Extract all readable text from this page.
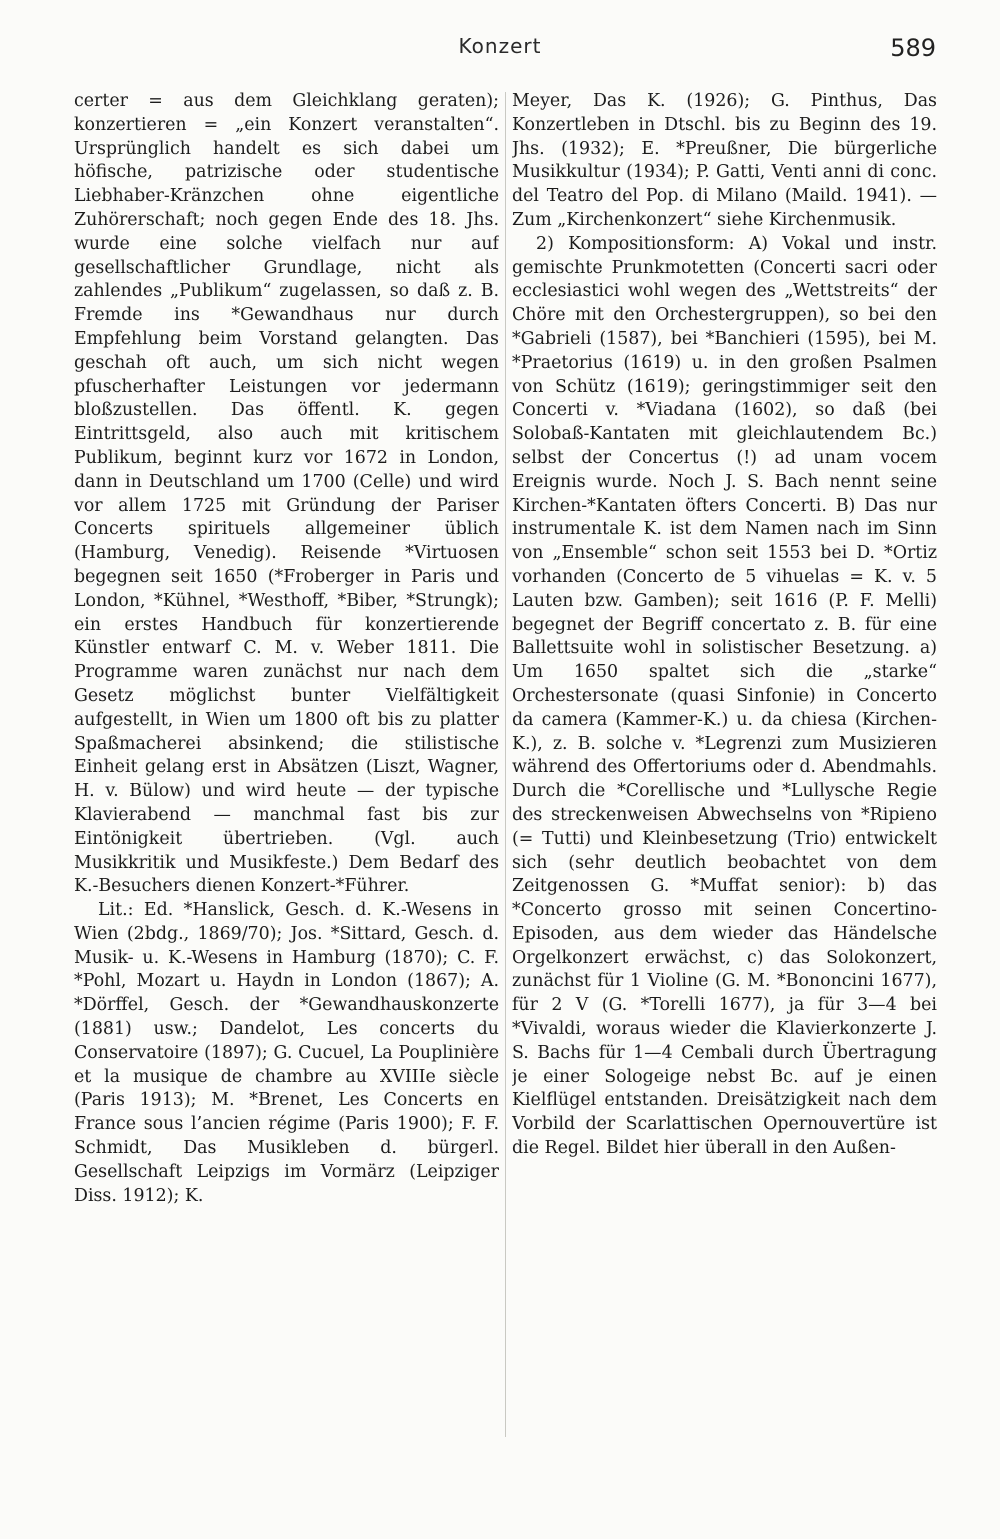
Konzert	589

certer = aus dem Gleichklang geraten); konzertieren = „ein Konzert veranstalten“. Ursprünglich handelt es sich dabei um höfische, patrizische oder studentische Liebhaber-Kränzchen ohne eigentliche Zuhörerschaft; noch gegen Ende des 18. Jhs. wurde eine solche vielfach nur auf gesellschaftlicher Grundlage, nicht als zahlendes „Publikum“ zugelassen, so daß z. B. Fremde ins *Gewandhaus nur durch Empfehlung beim Vorstand gelangten. Das geschah oft auch, um sich nicht wegen pfuscherhafter Leistungen vor jedermann bloßzustellen. Das öffentl. K. gegen Eintrittsgeld, also auch mit kritischem Publikum, beginnt kurz vor 1672 in London, dann in Deutschland um 1700 (Celle) und wird vor allem 1725 mit Gründung der Pariser Concerts spirituels allgemeiner üblich (Hamburg, Venedig). Reisende *Virtuosen begegnen seit 1650 (*Froberger in Paris und London, *Kühnel, *Westhoff, *Biber, *Strungk); ein erstes Handbuch für konzertierende Künstler entwarf C. M. v. Weber 1811. Die Programme waren zunächst nur nach dem Gesetz möglichst bunter Vielfältigkeit aufgestellt, in Wien um 1800 oft bis zu platter Spaßmacherei absinkend; die stilistische Einheit gelang erst in Absätzen (Liszt, Wagner, H. v. Bülow) und wird heute — der typische Klavierabend — manchmal fast bis zur Eintönigkeit übertrieben. (Vgl. auch Musikkritik und Musikfeste.) Dem Bedarf des K.-Besuchers dienen Konzert-*Führer.

Lit.: Ed. *Hanslick, Gesch. d. K.-Wesens in Wien (2bdg., 1869/70); Jos. *Sittard, Gesch. d. Musik- u. K.-Wesens in Hamburg (1870); C. F. *Pohl, Mozart u. Haydn in London (1867); A. *Dörffel, Gesch. der *Gewandhauskonzerte (1881) usw.; Dandelot, Les concerts du Conservatoire (1897); G. Cucuel, La Pouplinière et la musique de chambre au XVIIIe siècle (Paris 1913); M. *Brenet, Les Concerts en France sous l’ancien régime (Paris 1900); F. F. Schmidt, Das Musikleben d. bürgerl. Gesellschaft Leipzigs im Vormärz (Leipziger Diss. 1912); K.

Meyer, Das K. (1926); G. Pinthus, Das Konzertleben in Dtschl. bis zu Beginn des 19. Jhs. (1932); E. *Preußner, Die bürgerliche Musikkultur (1934); P. Gatti, Venti anni di conc. del Teatro del Pop. di Milano (Maild. 1941). — Zum „Kirchenkonzert“ siehe Kirchenmusik.

2) Kompositionsform: A) Vokal und instr. gemischte Prunkmotetten (Concerti sacri oder ecclesiastici wohl wegen des „Wettstreits“ der Chöre mit den Orchestergruppen), so bei den *Gabrieli (1587), bei *Banchieri (1595), bei M. *Praetorius (1619) u. in den großen Psalmen von Schütz (1619); geringstimmiger seit den Concerti v. *Viadana (1602), so daß (bei Solobaß-Kantaten mit gleichlautendem Bc.) selbst der Concertus (!) ad unam vocem Ereignis wurde. Noch J. S. Bach nennt seine Kirchen-*Kantaten öfters Concerti. B) Das nur instrumentale K. ist dem Namen nach im Sinn von „Ensemble“ schon seit 1553 bei D. *Ortiz vorhanden (Concerto de 5 vihuelas = K. v. 5 Lauten bzw. Gamben); seit 1616 (P. F. Melli) begegnet der Begriff concertato z. B. für eine Ballettsuite wohl in solistischer Besetzung. a) Um 1650 spaltet sich die „starke“ Orchestersonate (quasi Sinfonie) in Concerto da camera (Kammer-K.) u. da chiesa (Kirchen-K.), z. B. solche v. *Legrenzi zum Musizieren während des Offertoriums oder d. Abendmahls. Durch die *Corellische und *Lullysche Regie des streckenweisen Abwechselns von *Ripieno (= Tutti) und Kleinbesetzung (Trio) entwickelt sich (sehr deutlich beobachtet von dem Zeitgenossen G. *Muffat senior): b) das *Concerto grosso mit seinen Concertino-Episoden, aus dem wieder das Händelsche Orgelkonzert erwächst, c) das Solokonzert, zunächst für 1 Violine (G. M. *Bononcini 1677), für 2 V (G. *Torelli 1677), ja für 3—4 bei *Vivaldi, woraus wieder die Klavierkonzerte J. S. Bachs für 1—4 Cembali durch Übertragung je einer Sologeige nebst Bc. auf je einen Kielflügel entstanden. Dreisätzigkeit nach dem Vorbild der Scarlattischen Opernouvertüre ist die Regel. Bildet hier überall in den Außen-
